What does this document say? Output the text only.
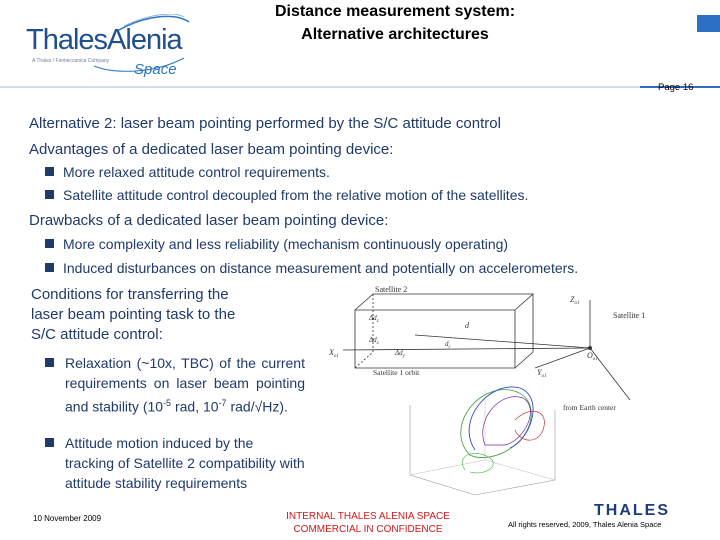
ThalesAlenia
A Thales / Finmeccanica Company Space
Distance measurement system:
Alternative architectures
Page 16
Alternative 2: laser beam pointing performed by the S/C attitude control
Advantages of a dedicated laser beam pointing device:
More relaxed attitude control requirements.
Satellite attitude control decoupled from the relative motion of the satellites.
Drawbacks of a dedicated laser beam pointing device:
More complexity and less reliability (mechanism continuously operating)
Induced disturbances on distance measurement and potentially on accelerometers.
Conditions for transferring the
laser beam pointing task to the
S/C attitude control:
Relaxation (~10x, TBC) of the current requirements on laser beam pointing and stability ($10^{-5}$ rad, $10^{-7}$ rad/√Hz).
Attitude motion induced by the tracking of Satellite 2 compatibility with attitude stability requirements
Satellite 2
Satellite 1
$Z_{o1}$
$Y_{o1}$
$X_{o1}$	$O_{o1}$
d
$d_c$
$\Delta d_z$
$\Delta d_x$
$\Delta d_y$
Satellite 1 orbit
from Earth center
10 November 2009	INTERNAL THALES ALENIA SPACE
COMMERCIAL IN CONFIDENCE
THALES
All rights reserved, 2009, Thales Alenia Space
